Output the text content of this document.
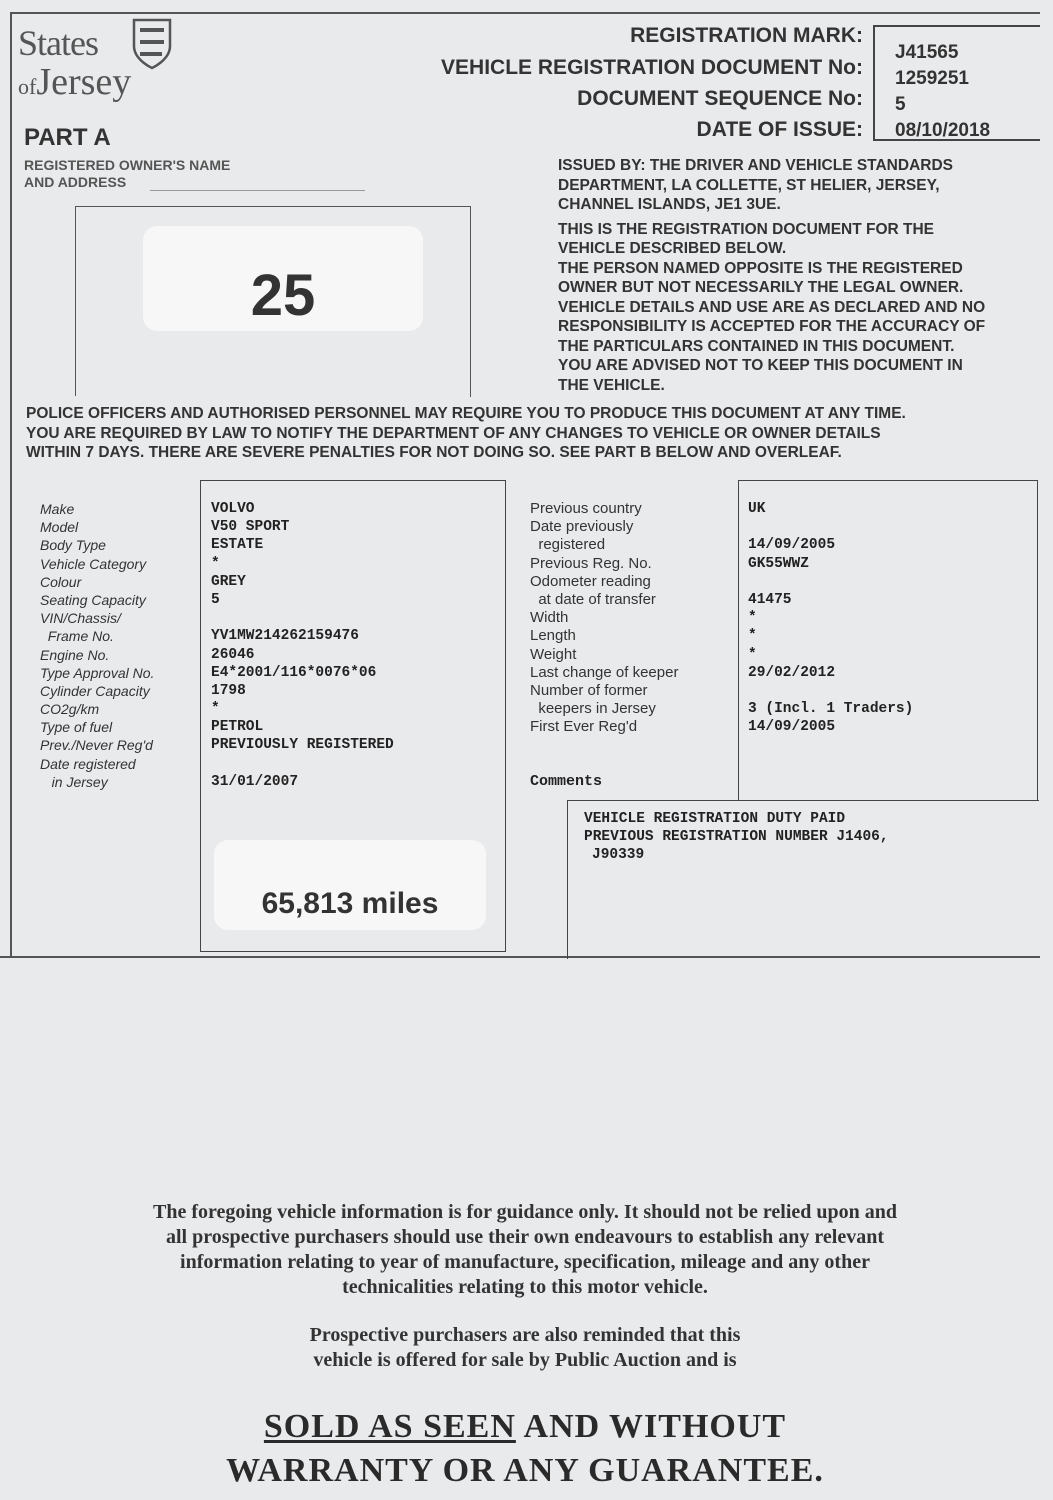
States
ofJersey
REGISTRATION MARK:
VEHICLE REGISTRATION DOCUMENT No:
DOCUMENT SEQUENCE No:
DATE OF ISSUE:
J41565
1259251
5
08/10/2018
PART A
REGISTERED OWNER'S NAME
AND ADDRESS
25
ISSUED BY: THE DRIVER AND VEHICLE STANDARDS
DEPARTMENT, LA COLLETTE, ST HELIER, JERSEY,
CHANNEL ISLANDS, JE1 3UE.
THIS IS THE REGISTRATION DOCUMENT FOR THE
VEHICLE DESCRIBED BELOW.
THE PERSON NAMED OPPOSITE IS THE REGISTERED
OWNER BUT NOT NECESSARILY THE LEGAL OWNER.
VEHICLE DETAILS AND USE ARE AS DECLARED AND NO
RESPONSIBILITY IS ACCEPTED FOR THE ACCURACY OF
THE PARTICULARS CONTAINED IN THIS DOCUMENT.
YOU ARE ADVISED NOT TO KEEP THIS DOCUMENT IN
THE VEHICLE.
POLICE OFFICERS AND AUTHORISED PERSONNEL MAY REQUIRE YOU TO PRODUCE THIS DOCUMENT AT ANY TIME.
YOU ARE REQUIRED BY LAW TO NOTIFY THE DEPARTMENT OF ANY CHANGES TO VEHICLE OR OWNER DETAILS
WITHIN 7 DAYS. THERE ARE SEVERE PENALTIES FOR NOT DOING SO. SEE PART B BELOW AND OVERLEAF.
Make
Model
Body Type
Vehicle Category
Colour
Seating Capacity
VIN/Chassis/
Frame No.
Engine No.
Type Approval No.
Cylinder Capacity
CO2g/km
Type of fuel
Prev./Never Reg'd
Date registered
in Jersey
VOLVO
V50 SPORT
ESTATE
*
GREY
5
YV1MW214262159476
26046
E4*2001/116*0076*06
1798
*
PETROL
PREVIOUSLY REGISTERED
31/01/2007
Previous country
Date previously
registered
Previous Reg. No.
Odometer reading
at date of transfer
Width
Length
Weight
Last change of keeper
Number of former
keepers in Jersey
First Ever Reg'd
UK
14/09/2005
GK55WWZ
41475
*
*
*
29/02/2012
3 (Incl. 1 Traders)
14/09/2005
65,813 miles
Comments
VEHICLE REGISTRATION DUTY PAID
PREVIOUS REGISTRATION NUMBER J1406,
J90339
The foregoing vehicle information is for guidance only. It should not be relied upon and
all prospective purchasers should use their own endeavours to establish any relevant
information relating to year of manufacture, specification, mileage and any other
technicalities relating to this motor vehicle.
Prospective purchasers are also reminded that this
vehicle is offered for sale by Public Auction and is
SOLD AS SEEN AND WITHOUT
WARRANTY OR ANY GUARANTEE.
